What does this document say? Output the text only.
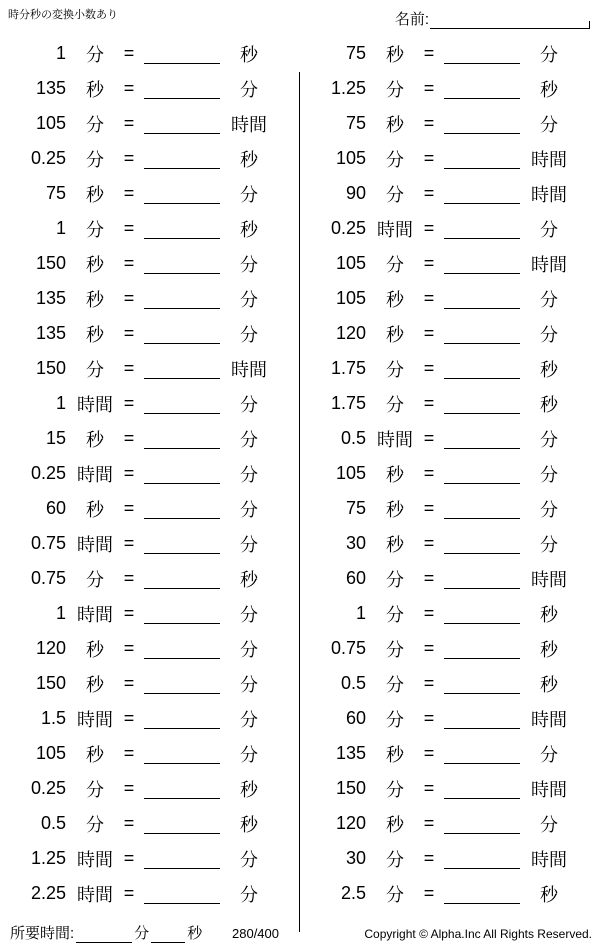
時分秒の変換小数あり	名前:
1	分	=	秒
135	秒	=	分
105	分	=	時間
0.25	分	=	秒
75	秒	=	分
1	分	=	秒
150	秒	=	分
135	秒	=	分
135	秒	=	分
150	分	=	時間
1 時間 =	分
15	秒	=	分
0.25 時間 =	分
60	秒	=	分
0.75 時間 =	分
0.75	分	=	秒
1 時間 =	分
120	秒	=	分
150	秒	=	分
1.5 時間 =	分
105	秒	=	分
0.25	分	=	秒
0.5	分	=	秒
1.25 時間 =	分
2.25 時間 =	分
75	秒	=	分
1.25	分	=	秒
75	秒	=	分
105	分	=	時間
90	分	=	時間
0.25 時間 =	分
105	分	=	時間
105	秒	=	分
120	秒	=	分
1.75	分	=	秒
1.75	分	=	秒
0.5 時間 =	分
105	秒	=	分
75	秒	=	分
30	秒	=	分
60	分	=	時間
1	分	=	秒
0.75	分	=	秒
0.5	分	=	秒
60	分	=	時間
135	秒	=	分
150	分	=	時間
120	秒	=	分
30	分	=	時間
2.5	分	=	秒
所要時間:	分	秒 280/400	Copyright © Alpha.Inc All Rights Reserved.
